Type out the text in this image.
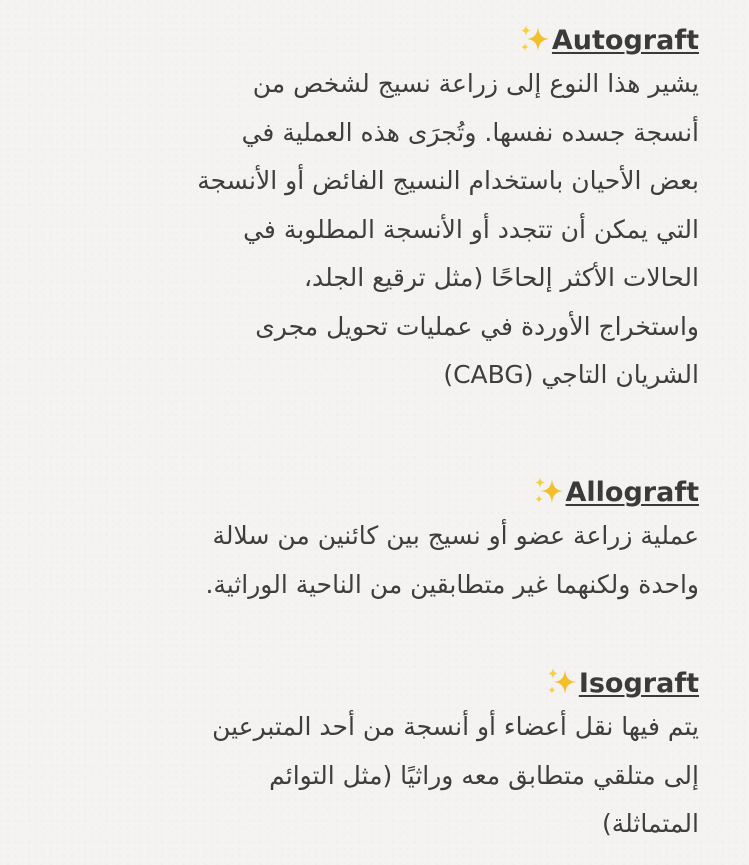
Autograft

يشير هذا النوع إلى زراعة نسيج لشخص من
أنسجة جسده نفسها. وتُجرَى هذه العملية في
بعض الأحيان باستخدام النسيج الفائض أو الأنسجة
التي يمكن أن تتجدد أو الأنسجة المطلوبة في
الحالات الأكثر إلحاحًا (مثل ترقيع الجلد،
واستخراج الأوردة في عمليات تحويل مجرى
الشريان التاجي (CABG)

Allograft

عملية زراعة عضو أو نسيج بين كائنين من سلالة
واحدة ولكنهما غير متطابقين من الناحية الوراثية.

Isograft

يتم فيها نقل أعضاء أو أنسجة من أحد المتبرعين
إلى متلقي متطابق معه وراثيًا (مثل التوائم
المتماثلة)
